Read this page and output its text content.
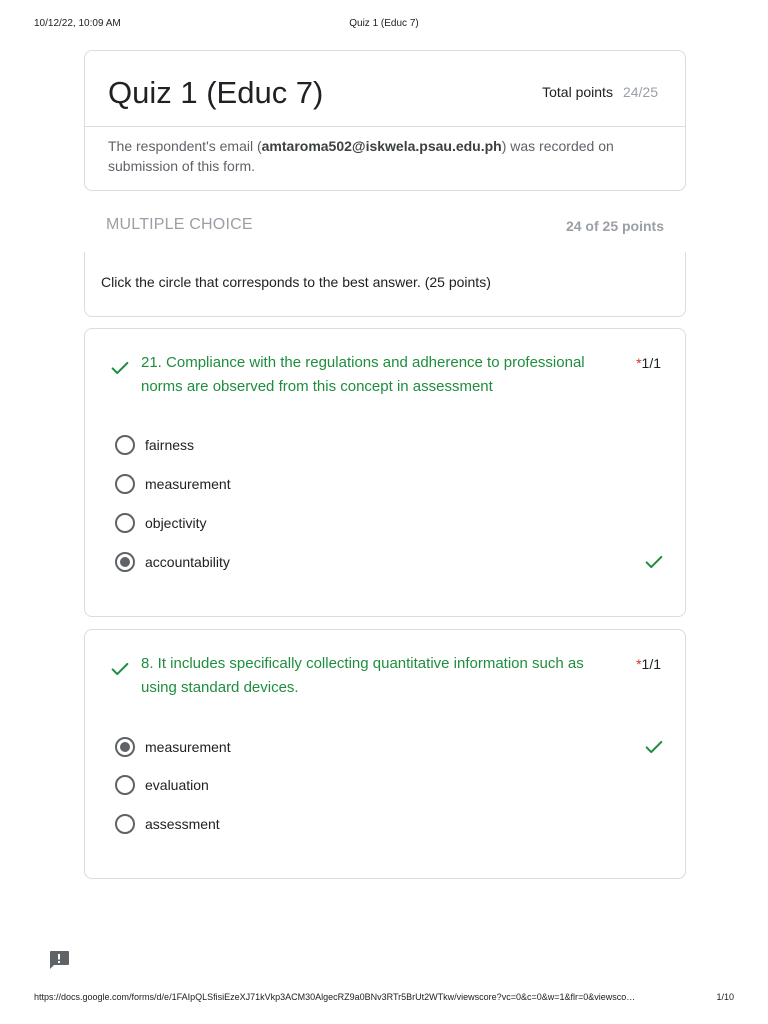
10/12/22, 10:09 AM	Quiz 1 (Educ 7)
Quiz 1 (Educ 7)	Total points 24/25
The respondent's email (amtaroma502@iskwela.psau.edu.ph) was recorded on submission of this form.
MULTIPLE CHOICE	24 of 25 points
Click the circle that corresponds to the best answer. (25 points)
21. Compliance with the regulations and adherence to professional norms are observed from this concept in assessment
*1/1
fairness
measurement
objectivity
accountability
8. It includes specifically collecting quantitative information such as using standard devices.
*1/1
measurement
evaluation
assessment
https://docs.google.com/forms/d/e/1FAIpQLSfisiEzeXJ71kVkp3ACM30AlgecRZ9a0BNv3RTr5BrUt2WTkw/viewscore?vc=0&c=0&w=1&flr=0&viewsco…	1/10
